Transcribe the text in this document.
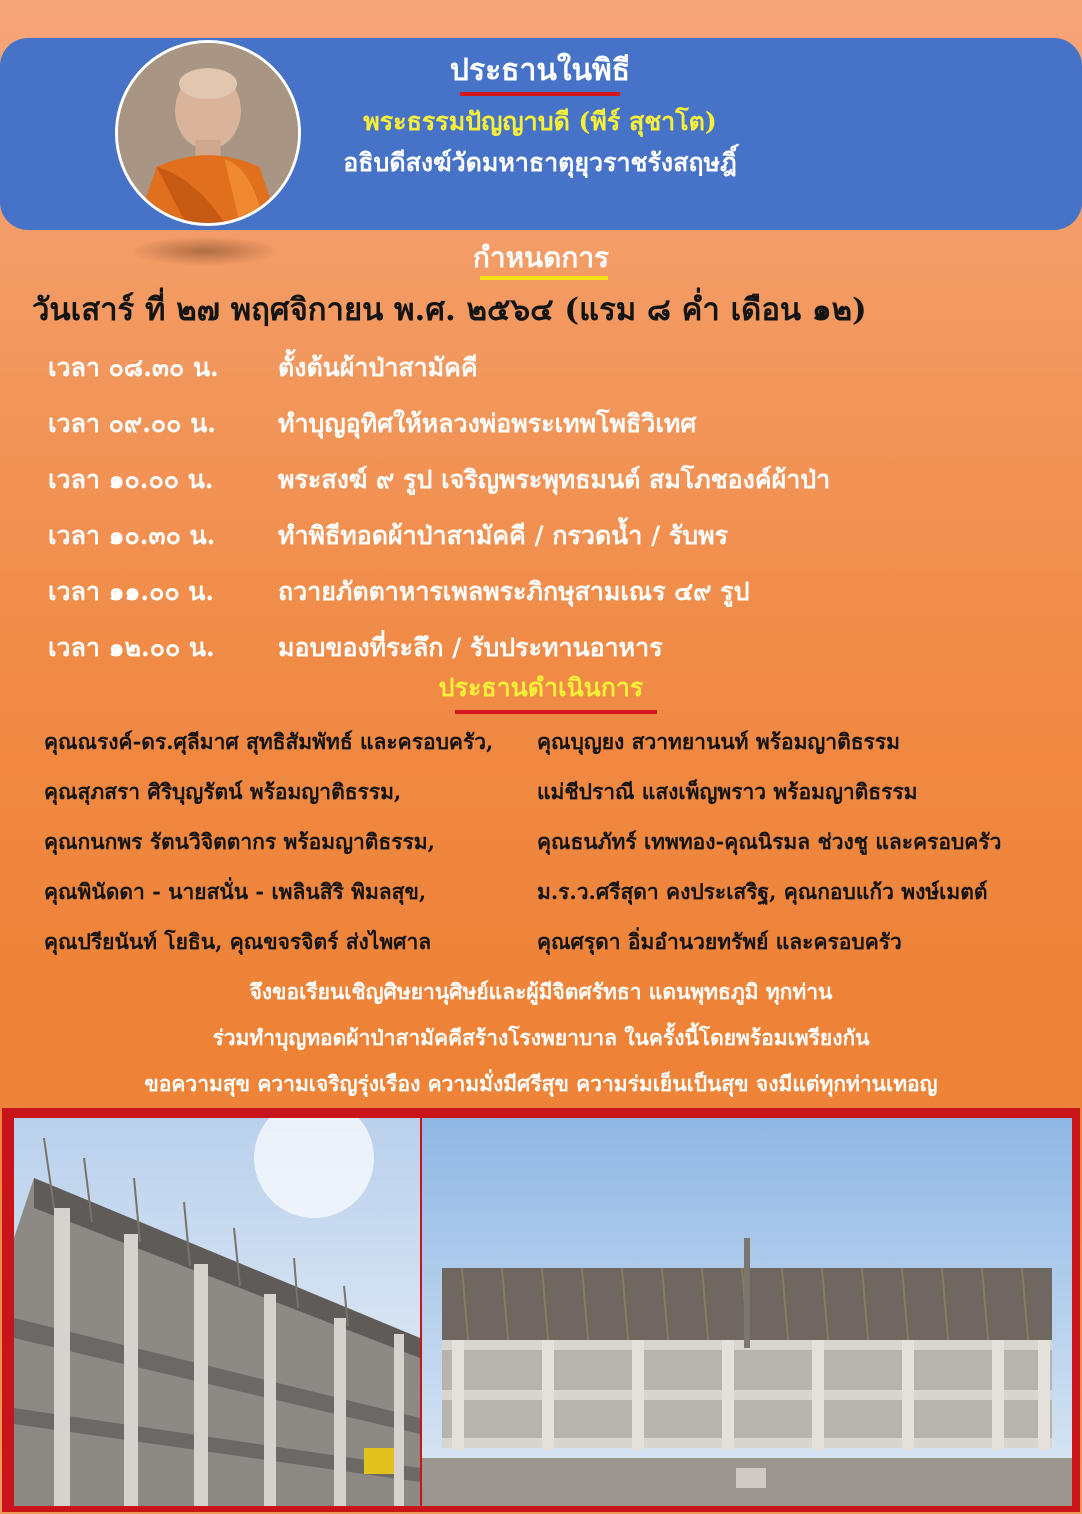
ประธานในพิธี
พระธรรมปัญญาบดี (พีร์ สุชาโต)
อธิบดีสงฆ์วัดมหาธาตุยุวราชรังสฤษฎิ์
กำหนดการ
วันเสาร์ ที่ ๒๗ พฤศจิกายน พ.ศ. ๒๕๖๔ (แรม ๘ ค่ำ เดือน ๑๒)
เวลา ๐๘.๓๐ น. ตั้งต้นผ้าป่าสามัคคี
เวลา ๐๙.๐๐ น. ทำบุญอุทิศให้หลวงพ่อพระเทพโพธิวิเทศ
เวลา ๑๐.๐๐ น.	พระสงฆ์ ๙ รูป เจริญพระพุทธมนต์ สมโภชองค์ผ้าป่า
เวลา ๑๐.๓๐ น.	ทำพิธีทอดผ้าป่าสามัคคี / กรวดน้ำ / รับพร
เวลา ๑๑.๐๐ น.	ถวายภัตตาหารเพลพระภิกษุสามเณร ๔๙ รูป
เวลา ๑๒.๐๐ น.	มอบของที่ระลึก / รับประทานอาหาร
ประธานดำเนินการ
คุณณรงค์-ดร.ศุลีมาศ สุทธิสัมพัทธ์ และครอบครัว,
คุณสุภสรา ศิริบุญรัตน์ พร้อมญาติธรรม,
คุณกนกพร รัตนวิจิตตากร พร้อมญาติธรรม,
คุณพินัดดา - นายสนั่น - เพลินสิริ พิมลสุข,
คุณปรียนันท์ โยธิน, คุณขจรจิตร์ ส่งไพศาล
คุณบุญยง สวาทยานนท์ พร้อมญาติธรรม
แม่ชีปราณี แสงเพ็ญพราว พร้อมญาติธรรม
คุณธนภัทร์ เทพทอง-คุณนิรมล ช่วงชู และครอบครัว
ม.ร.ว.ศรีสุดา คงประเสริฐ, คุณกอบแก้ว พงษ์เมตต์
คุณศรุดา อิ่มอำนวยทรัพย์ และครอบครัว
จึงขอเรียนเชิญศิษยานุศิษย์และผู้มีจิตศรัทธา แดนพุทธภูมิ ทุกท่าน
ร่วมทำบุญทอดผ้าป่าสามัคคีสร้างโรงพยาบาล ในครั้งนี้โดยพร้อมเพรียงกัน
ขอความสุข ความเจริญรุ่งเรือง ความมั่งมีศรีสุข ความร่มเย็นเป็นสุข จงมีแต่ทุกท่านเทอญ
